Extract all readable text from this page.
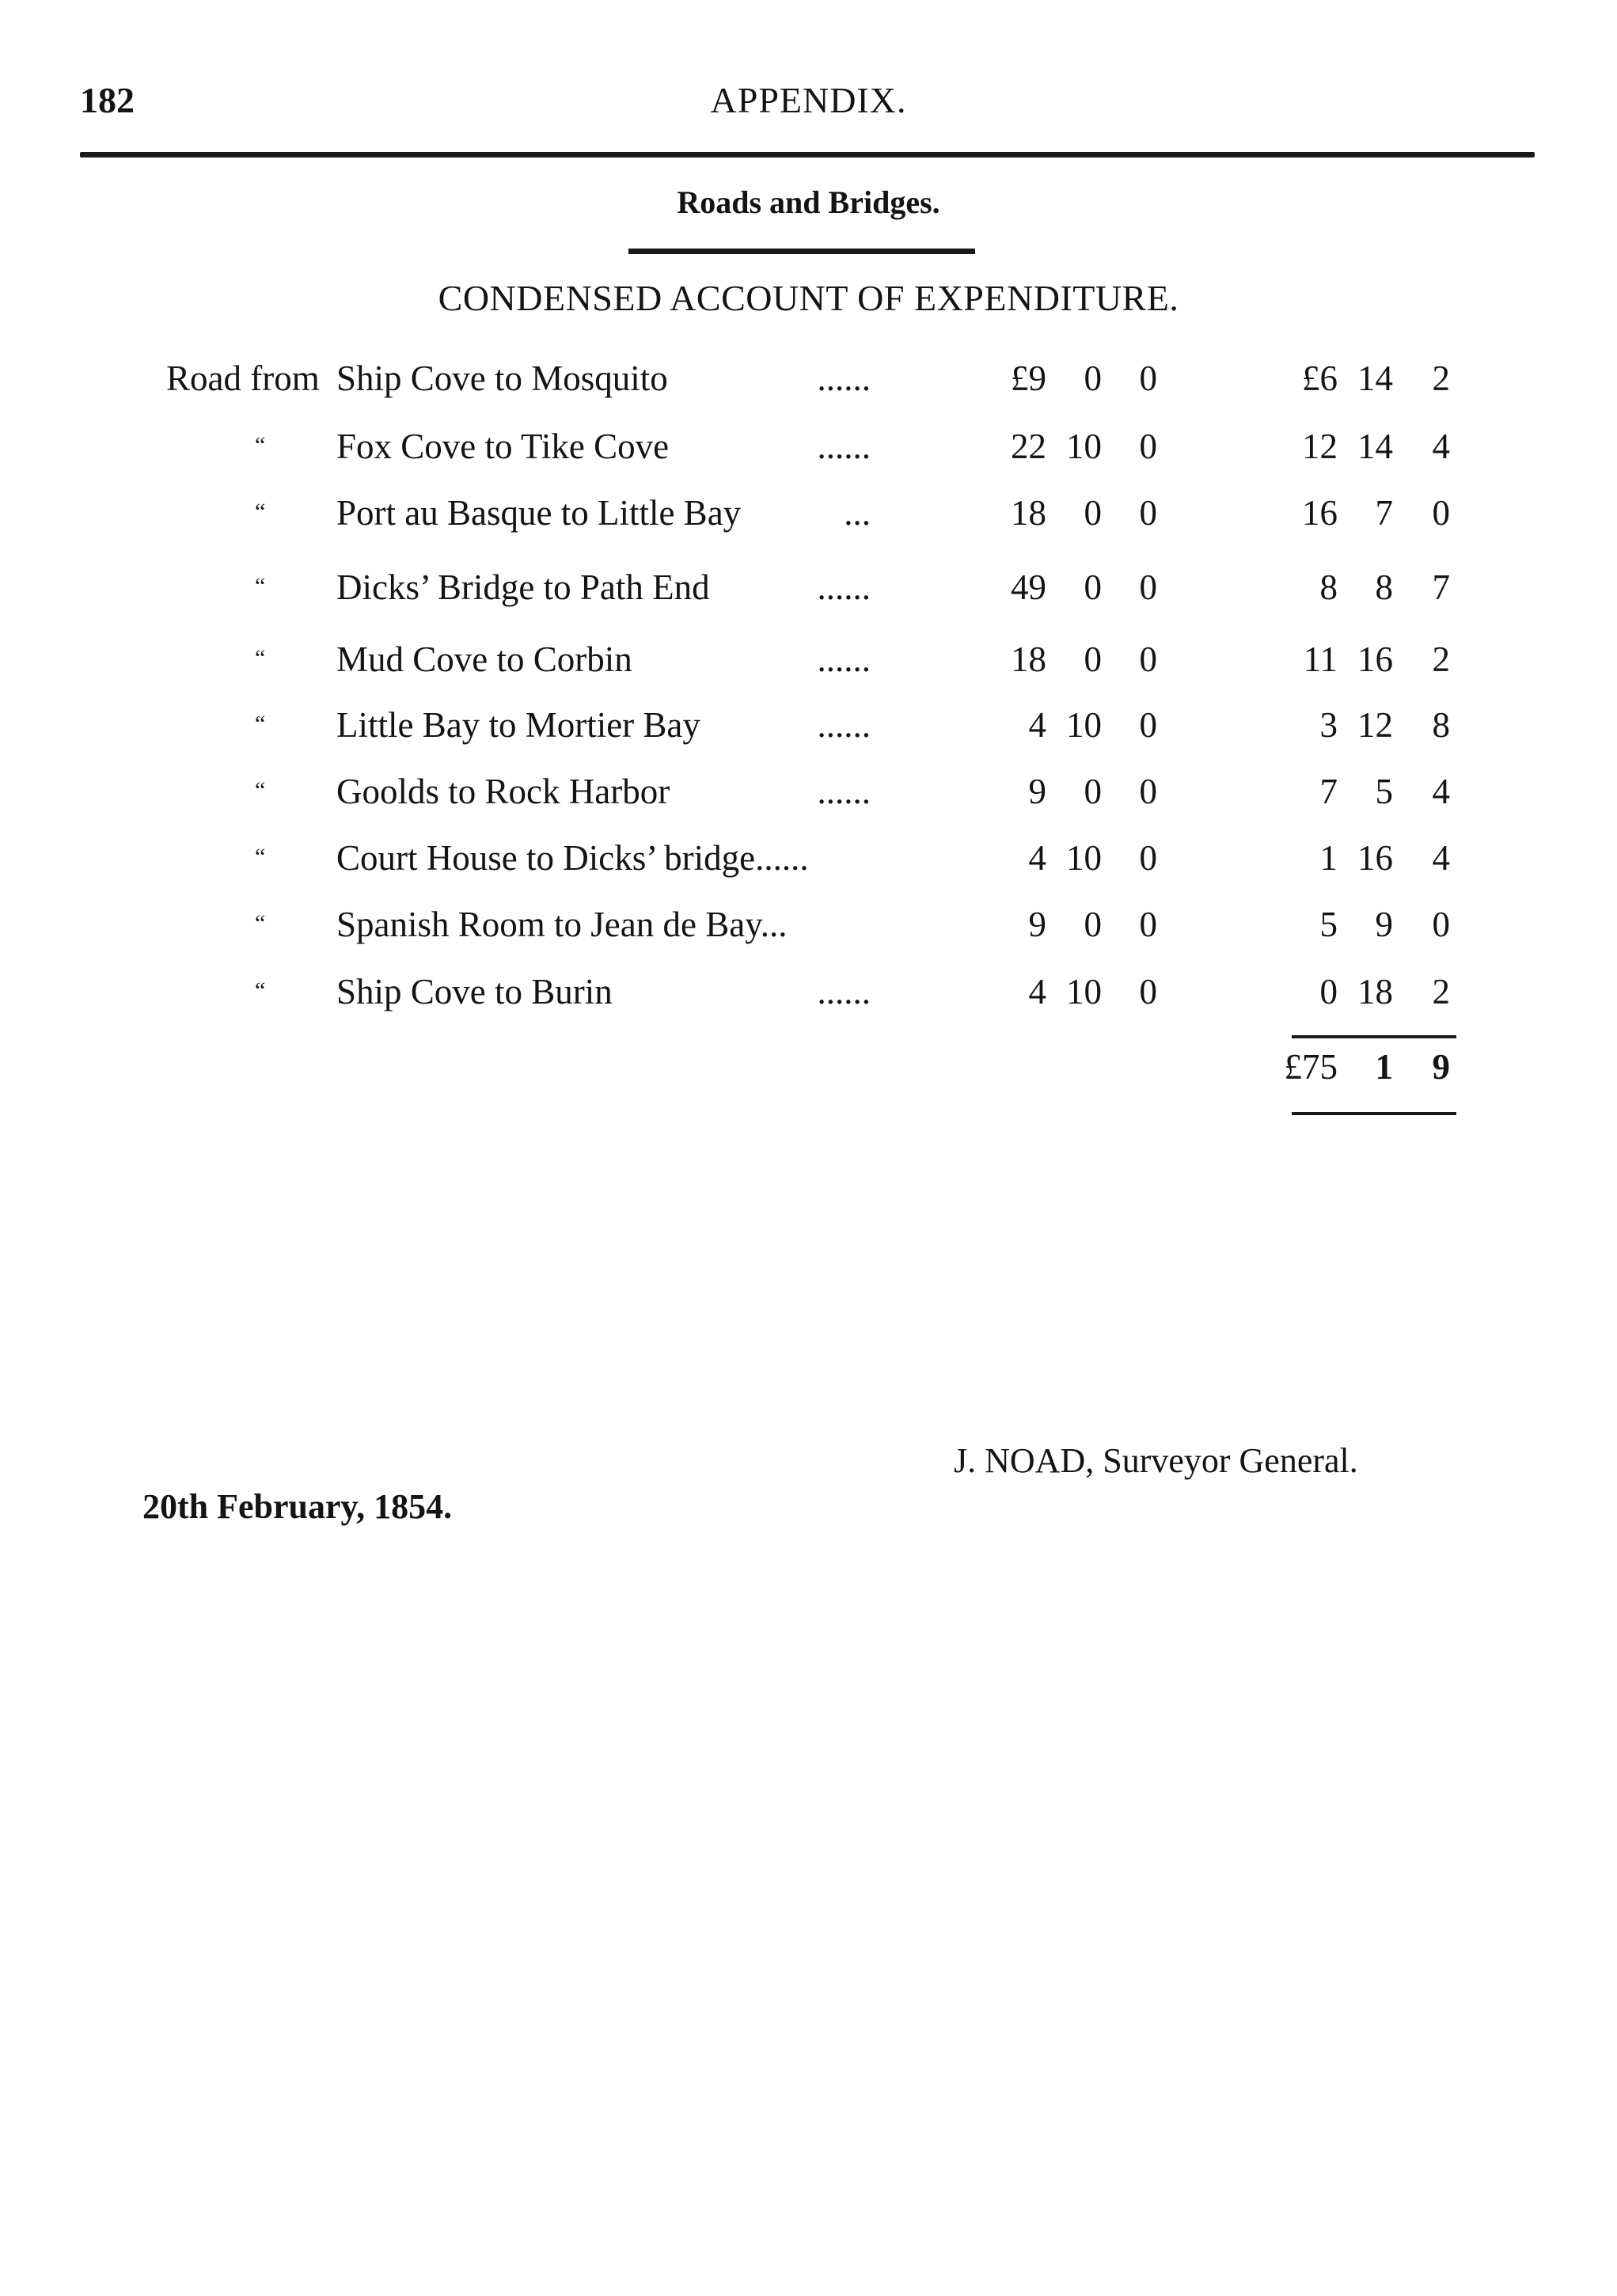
182	APPENDIX.
Roads and Bridges.
CONDENSED ACCOUNT OF EXPENDITURE.
Road from Ship Cove to Mosquito	......	£9	0	0	£6 14	2
“ Fox Cove to Tike Cove	......	22 10	0	12 14	4
“ Port au Basque to Little Bay	...	18	0	0	16	7	0
“ Dicks’ Bridge to Path End	......	49	0	0	8	8	7
“ Mud Cove to Corbin	......	18	0	0	11 16	2
“ Little Bay to Mortier Bay	......	4 10	0	3 12	8
“ Goolds to Rock Harbor	......	9	0	0	7	5	4
“ Court House to Dicks’ bridge......	4 10	0	1 16	4
“ Spanish Room to Jean de Bay...	9	0	0	5	9	0
“ Ship Cove to Burin	......	4 10	0	0 18	2
£75	1	9
J. NOAD, Surveyor General.
20th February, 1854.
